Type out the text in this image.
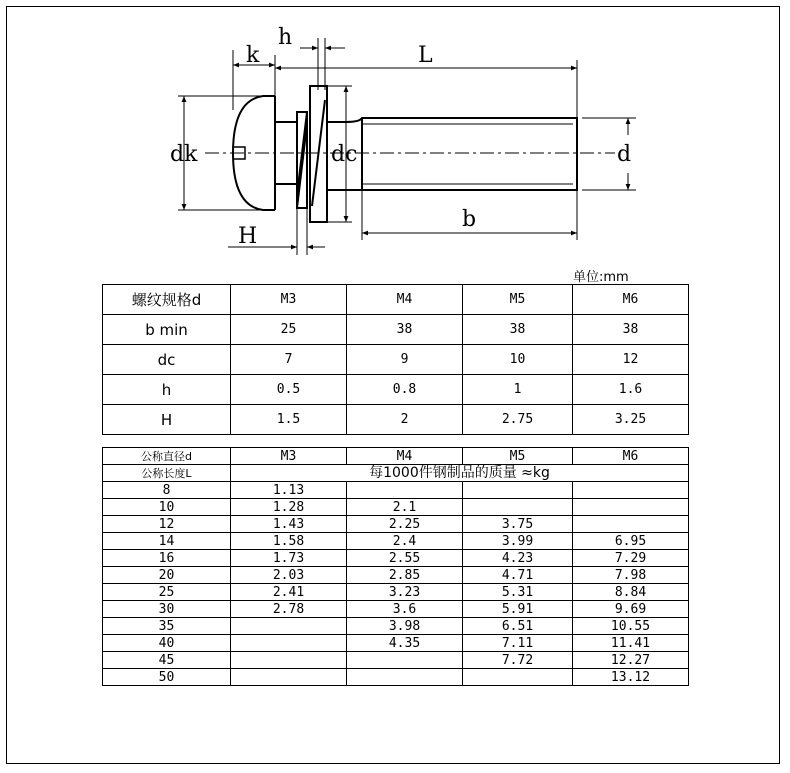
h
k	L
dk	dc	d
b
H
单位:mm
螺纹规格d	M3	M4	M5	M6
b min	25	38	38	38
dc	7	9	10	12
h	0.5	0.8	1	1.6
H	1.5	2	2.75	3.25
公称直径d	M3	M4	M5	M6
公称长度L	每1000件钢制品的质量 ≈kg			
8	1.13			
10	1.28	2.1		
12	1.43	2.25	3.75	
14	1.58	2.4	3.99	6.95
16	1.73	2.55	4.23	7.29
20	2.03	2.85	4.71	7.98
25	2.41	3.23	5.31	8.84
30	2.78	3.6	5.91	9.69
35		3.98	6.51	10.55
40		4.35	7.11	11.41
45			7.72	12.27
50				13.12
